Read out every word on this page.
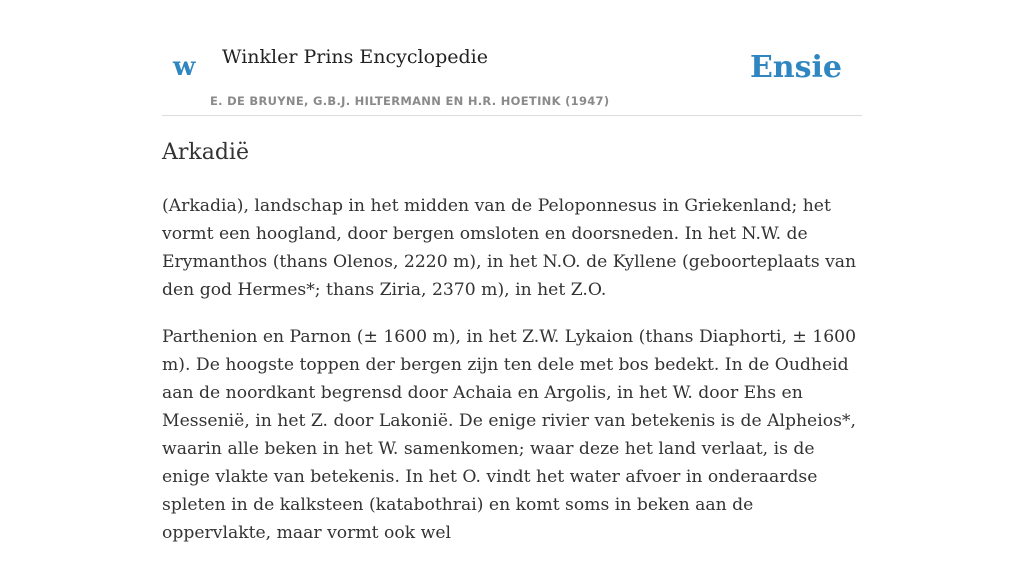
w Winkler Prins Encyclopedie
E. DE BRUYNE, G.B.J. HILTERMANN EN H.R. HOETINK (1947)
Ensie
Arkadië

(Arkadia), landschap in het midden van de Peloponnesus in Griekenland; het vormt een hoogland, door bergen omsloten en doorsneden. In het N.W. de Erymanthos (thans Olenos, 2220 m), in het N.O. de Kyllene (geboorteplaats van den god Hermes*; thans Ziria, 2370 m), in het Z.O.

Parthenion en Parnon (± 1600 m), in het Z.W. Lykaion (thans Diaphorti, ± 1600 m). De hoogste toppen der bergen zijn ten dele met bos bedekt. In de Oudheid aan de noordkant begrensd door Achaia en Argolis, in het W. door Ehs en Messenië, in het Z. door Lakonië. De enige rivier van betekenis is de Alpheios*, waarin alle beken in het W. samenkomen; waar deze het land verlaat, is de enige vlakte van betekenis. In het O. vindt het water afvoer in onderaardse spleten in de kalksteen (katabothrai) en komt soms in beken aan de oppervlakte, maar vormt ook wel
